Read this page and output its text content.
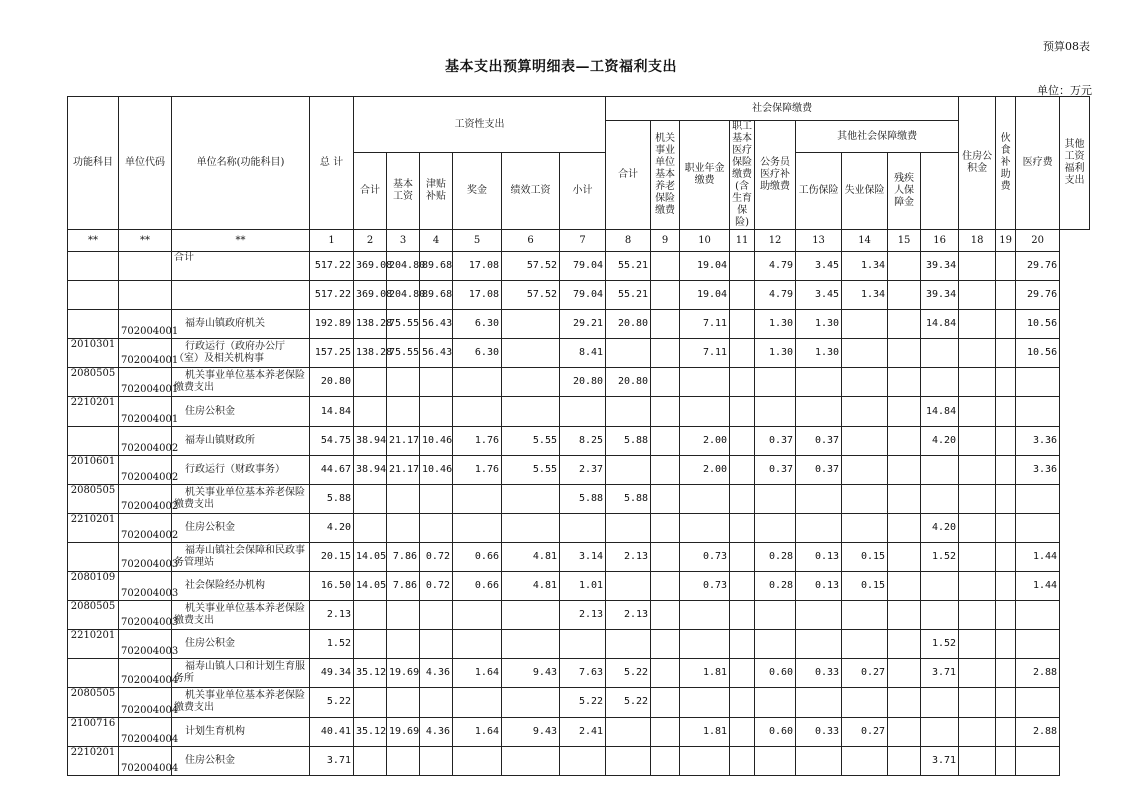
预算08表
基本支出预算明细表—工资福利支出
单位：万元
功能科目	单位代码	单位名称(功能科目)	总 计	工资性支出						社会保障缴费									住房公积金	伙食补助费	医疗费	其他工资福利支出
										合计	机关事业单位基本养老保险缴费	职业年金缴费	职工基本医疗保险缴费(含生育保险)	公务员医疗补助缴费	其他社会保障缴费							
				合计	基本工资	津贴补贴	奖金	绩效工资	小计						工伤保险	失业保险	残疾人保障金					
**	**	**	1	2	3	4	5	6	7	8	9	10	11	12	13	14	15	16	18	19	20	
		合计	517.22	369.08	204.80	89.68	17.08	57.52	79.04	55.21		19.04		4.79	3.45	1.34		39.34			29.76	
			517.22	369.08	204.80	89.68	17.08	57.52	79.04	55.21		19.04		4.79	3.45	1.34		39.34			29.76	
	702004001	福寿山镇政府机关	192.89	138.28	75.55	56.43	6.30		29.21	20.80		7.11		1.30	1.30			14.84			10.56	
2010301	702004001	行政运行（政府办公厅（室）及相关机构事	157.25	138.28	75.55	56.43	6.30		8.41			7.11		1.30	1.30						10.56	
2080505	702004001	机关事业单位基本养老保险缴费支出	20.80						20.80	20.80												
2210201	702004001	住房公积金	14.84															14.84				
	702004002	福寿山镇财政所	54.75	38.94	21.17	10.46	1.76	5.55	8.25	5.88		2.00		0.37	0.37			4.20			3.36	
2010601	702004002	行政运行（财政事务）	44.67	38.94	21.17	10.46	1.76	5.55	2.37			2.00		0.37	0.37						3.36	
2080505	702004002	机关事业单位基本养老保险缴费支出	5.88						5.88	5.88												
2210201	702004002	住房公积金	4.20															4.20				
	702004003	福寿山镇社会保障和民政事务管理站	20.15	14.05	7.86	0.72	0.66	4.81	3.14	2.13		0.73		0.28	0.13	0.15		1.52			1.44	
2080109	702004003	社会保险经办机构	16.50	14.05	7.86	0.72	0.66	4.81	1.01			0.73		0.28	0.13	0.15					1.44	
2080505	702004003	机关事业单位基本养老保险缴费支出	2.13						2.13	2.13												
2210201	702004003	住房公积金	1.52															1.52				
	702004004	福寿山镇人口和计划生育服务所	49.34	35.12	19.69	4.36	1.64	9.43	7.63	5.22		1.81		0.60	0.33	0.27		3.71			2.88	
2080505	702004004	机关事业单位基本养老保险缴费支出	5.22						5.22	5.22												
2100716	702004004	计划生育机构	40.41	35.12	19.69	4.36	1.64	9.43	2.41			1.81		0.60	0.33	0.27					2.88	
2210201	702004004	住房公积金	3.71															3.71				
